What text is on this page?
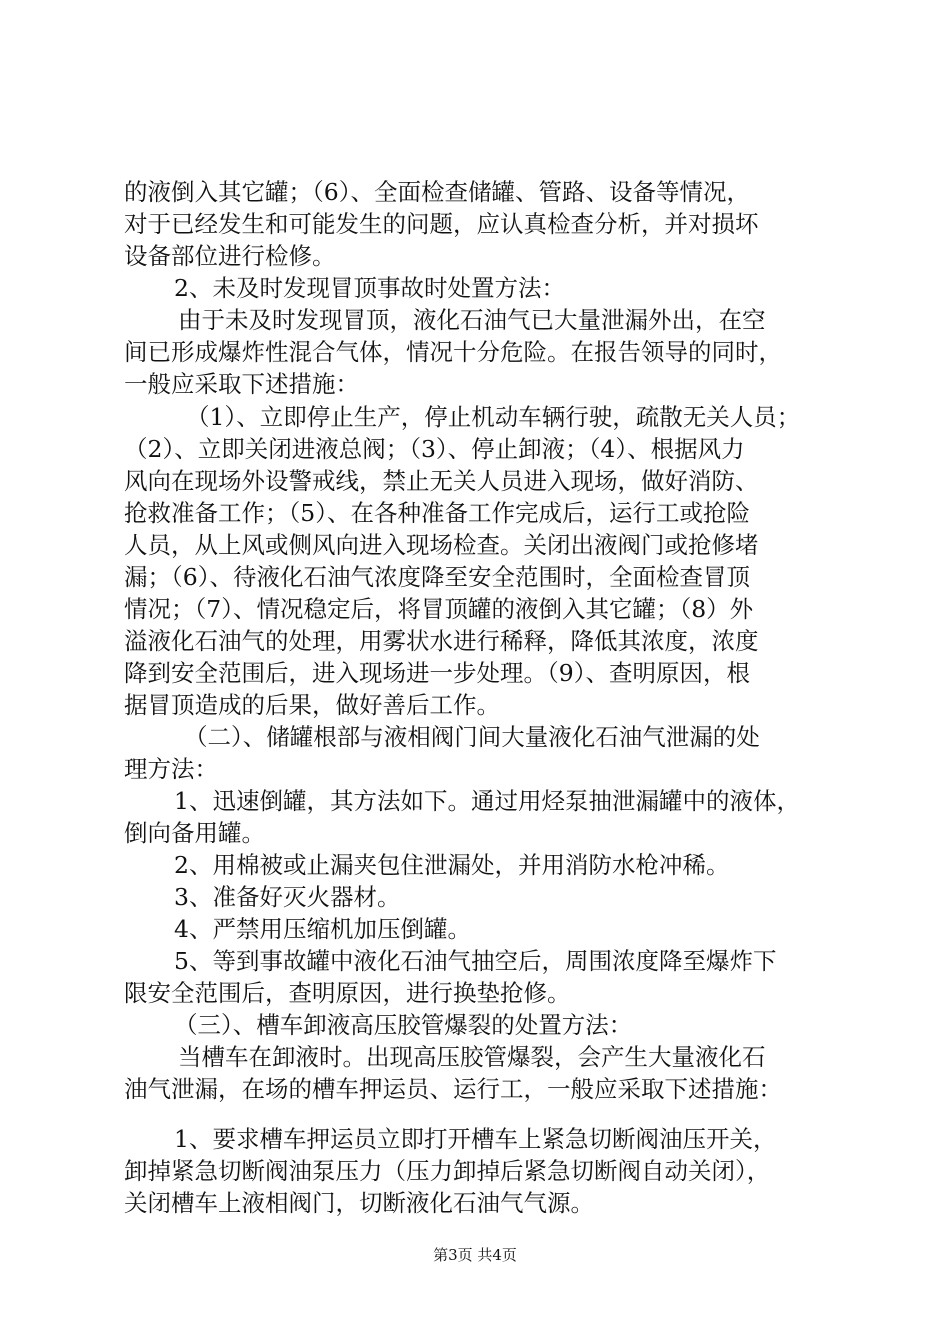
的液倒入其它罐；（6）、全面检查储罐、管路、设备等情况，
对于已经发生和可能发生的问题，应认真检查分析，并对损坏
设备部位进行检修。
2、未及时发现冒顶事故时处置方法：
由于未及时发现冒顶，液化石油气已大量泄漏外出，在空
间已形成爆炸性混合气体，情况十分危险。在报告领导的同时，
一般应采取下述措施：
（1）、立即停止生产，停止机动车辆行驶，疏散无关人员；
（2）、立即关闭进液总阀；（3）、停止卸液；（4）、根据风力
风向在现场外设警戒线，禁止无关人员进入现场，做好消防、
抢救准备工作；（5）、在各种准备工作完成后，运行工或抢险
人员，从上风或侧风向进入现场检查。关闭出液阀门或抢修堵
漏；（6）、待液化石油气浓度降至安全范围时，全面检查冒顶
情况；（7）、情况稳定后，将冒顶罐的液倒入其它罐；（8）外
溢液化石油气的处理，用雾状水进行稀释，降低其浓度，浓度
降到安全范围后，进入现场进一步处理。（9）、查明原因，根
据冒顶造成的后果，做好善后工作。
（二）、储罐根部与液相阀门间大量液化石油气泄漏的处
理方法：
1、迅速倒罐，其方法如下。通过用烃泵抽泄漏罐中的液体，
倒向备用罐。
2、用棉被或止漏夹包住泄漏处，并用消防水枪冲稀。
3、准备好灭火器材。
4、严禁用压缩机加压倒罐。
5、等到事故罐中液化石油气抽空后，周围浓度降至爆炸下
限安全范围后，查明原因，进行换垫抢修。
（三）、槽车卸液高压胶管爆裂的处置方法：
当槽车在卸液时。出现高压胶管爆裂，会产生大量液化石
油气泄漏，在场的槽车押运员、运行工，一般应采取下述措施：
1、要求槽车押运员立即打开槽车上紧急切断阀油压开关，
卸掉紧急切断阀油泵压力（压力卸掉后紧急切断阀自动关闭），
关闭槽车上液相阀门，切断液化石油气气源。
第3页 共4页
